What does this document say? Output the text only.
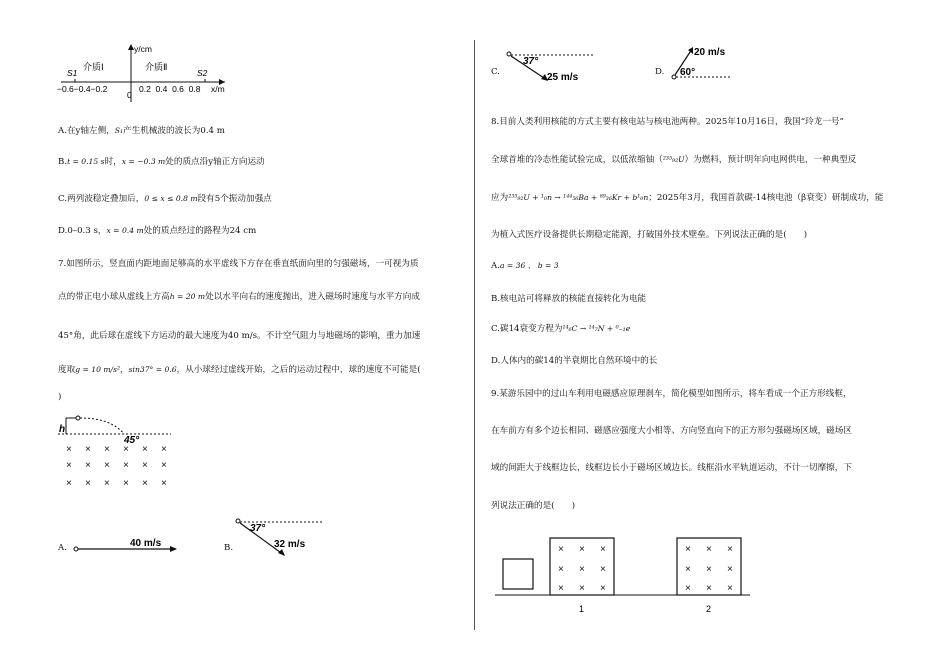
y/cm
S1
介质Ⅰ	介质Ⅱ
S2
−0.6−0.4−0.2
0
0.2  0.4  0.6  0.8 x/m
A.在y轴左侧，S₁产生机械波的波长为0.4 m
B.t = 0.15 s时，x = −0.3 m处的质点沿y轴正方向运动
C.两列波稳定叠加后，0 ≤ x ≤ 0.8 m段有5个振动加强点
D.0–0.3 s，x = 0.4 m处的质点经过的路程为24 cm
7.如图所示，竖直面内距地面足够高的水平虚线下方存在垂直纸面向里的匀强磁场，一可视为质
点的带正电小球从虚线上方高h = 20 m处以水平向右的速度抛出，进入磁场时速度与水平方向成
45°角，此后球在虚线下方运动的最大速度为40 m/s。不计空气阻力与地磁场的影响，重力加速
度取g = 10 m/s²，sin37° = 0.6，从小球经过虚线开始，之后的运动过程中，球的速度不可能是(
)
h
45°
× × × × × ×
× × × × × ×
× × × × × ×
A.	40 m/s	B.
37°
32 m/s
C.
37°
25 m/s	D.
20 m/s
60°
8.目前人类利用核能的方式主要有核电站与核电池两种。2025年10月16日，我国“玲龙一号”
全球首堆的冷态性能试验完成，以低浓缩铀（²³⁵₉₂U）为燃料，预计明年向电网供电，一种典型反
应为²³⁵₉₂U + ¹₀n → ¹⁴⁴₅₆Ba + ⁸⁹₃₆Kr + b¹₀n；2025年3月，我国首款碳-14核电池（β衰变）研制成功，能
为植入式医疗设备提供长期稳定能源，打破国外技术壁垒。下列说法正确的是(　　)
A.a = 36 、 b = 3
B.核电站可将释放的核能直接转化为电能
C.碳14衰变方程为¹⁴₆C → ¹⁴₇N + ⁰₋₁e
D.人体内的碳14的半衰期比自然环境中的长
9.某游乐园中的过山车利用电磁感应原理刹车，简化模型如图所示，将车看成一个正方形线框，
在车前方有多个边长相同、磁感应强度大小相等、方向竖直向下的正方形匀强磁场区域，磁场区
域的间距大于线框边长，线框边长小于磁场区域边长。线框沿水平轨道运动，不计一切摩擦，下
列说法正确的是(　　)
× × ×
× × ×
× × ×
× × ×
× × ×
× × ×
1	2
